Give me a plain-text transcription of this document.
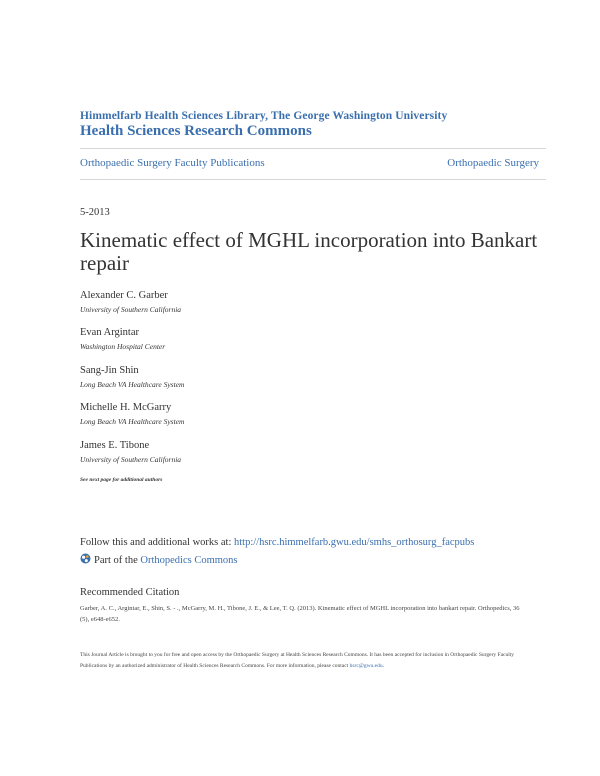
Himmelfarb Health Sciences Library, The George Washington University
Health Sciences Research Commons
Orthopaedic Surgery Faculty Publications	Orthopaedic Surgery
5-2013
Kinematic effect of MGHL incorporation into Bankart repair
Alexander C. Garber
University of Southern California
Evan Argintar
Washington Hospital Center
Sang-Jin Shin
Long Beach VA Healthcare System
Michelle H. McGarry
Long Beach VA Healthcare System
James E. Tibone
University of Southern California
See next page for additional authors
Follow this and additional works at: http://hsrc.himmelfarb.gwu.edu/smhs_orthosurg_facpubs
Part of the Orthopedics Commons
Recommended Citation
Garber, A. C., Argintar, E., Shin, S. - ., McGarry, M. H., Tibone, J. E., & Lee, T. Q. (2013). Kinematic effect of MGHL incorporation into bankart repair. Orthopedics, 36 (5), e648-e652.
This Journal Article is brought to you for free and open access by the Orthopaedic Surgery at Health Sciences Research Commons. It has been accepted for inclusion in Orthopaedic Surgery Faculty Publications by an authorized administrator of Health Sciences Research Commons. For more information, please contact hsrc@gwu.edu.
